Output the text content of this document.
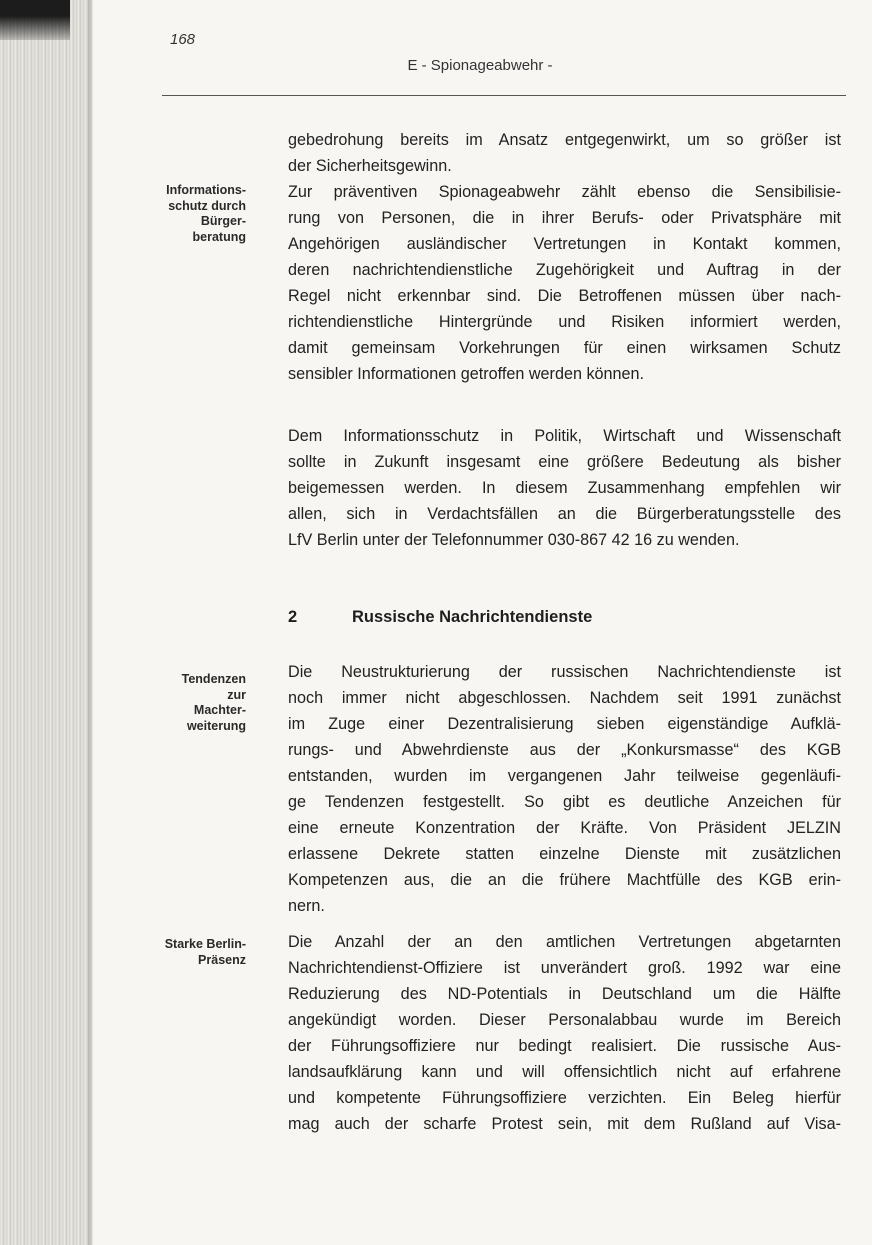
168
E - Spionageabwehr -
Informations-
schutz durch
Bürger-
beratung
Tendenzen
zur
Machter-
weiterung
Starke Berlin-
Präsenz
gebedrohung bereits im Ansatz entgegenwirkt, um so größer ist
der Sicherheitsgewinn.
Zur präventiven Spionageabwehr zählt ebenso die Sensibilisie-
rung von Personen, die in ihrer Berufs- oder Privatsphäre mit
Angehörigen ausländischer Vertretungen in Kontakt kommen,
deren nachrichtendienstliche Zugehörigkeit und Auftrag in der
Regel nicht erkennbar sind. Die Betroffenen müssen über nach-
richtendienstliche Hintergründe und Risiken informiert werden,
damit gemeinsam Vorkehrungen für einen wirksamen Schutz
sensibler Informationen getroffen werden können.
Dem Informationsschutz in Politik, Wirtschaft und Wissenschaft
sollte in Zukunft insgesamt eine größere Bedeutung als bisher
beigemessen werden. In diesem Zusammenhang empfehlen wir
allen, sich in Verdachtsfällen an die Bürgerberatungsstelle des
LfV Berlin unter der Telefonnummer 030-867 42 16 zu wenden.
2	Russische Nachrichtendienste
Die Neustrukturierung der russischen Nachrichtendienste ist
noch immer nicht abgeschlossen. Nachdem seit 1991 zunächst
im Zuge einer Dezentralisierung sieben eigenständige Aufklä-
rungs- und Abwehrdienste aus der „Konkursmasse“ des KGB
entstanden, wurden im vergangenen Jahr teilweise gegenläufi-
ge Tendenzen festgestellt. So gibt es deutliche Anzeichen für
eine erneute Konzentration der Kräfte. Von Präsident JELZIN
erlassene Dekrete statten einzelne Dienste mit zusätzlichen
Kompetenzen aus, die an die frühere Machtfülle des KGB erin-
nern.
Die Anzahl der an den amtlichen Vertretungen abgetarnten
Nachrichtendienst-Offiziere ist unverändert groß. 1992 war eine
Reduzierung des ND-Potentials in Deutschland um die Hälfte
angekündigt worden. Dieser Personalabbau wurde im Bereich
der Führungsoffiziere nur bedingt realisiert. Die russische Aus-
landsaufklärung kann und will offensichtlich nicht auf erfahrene
und kompetente Führungsoffiziere verzichten. Ein Beleg hierfür
mag auch der scharfe Protest sein, mit dem Rußland auf Visa-
